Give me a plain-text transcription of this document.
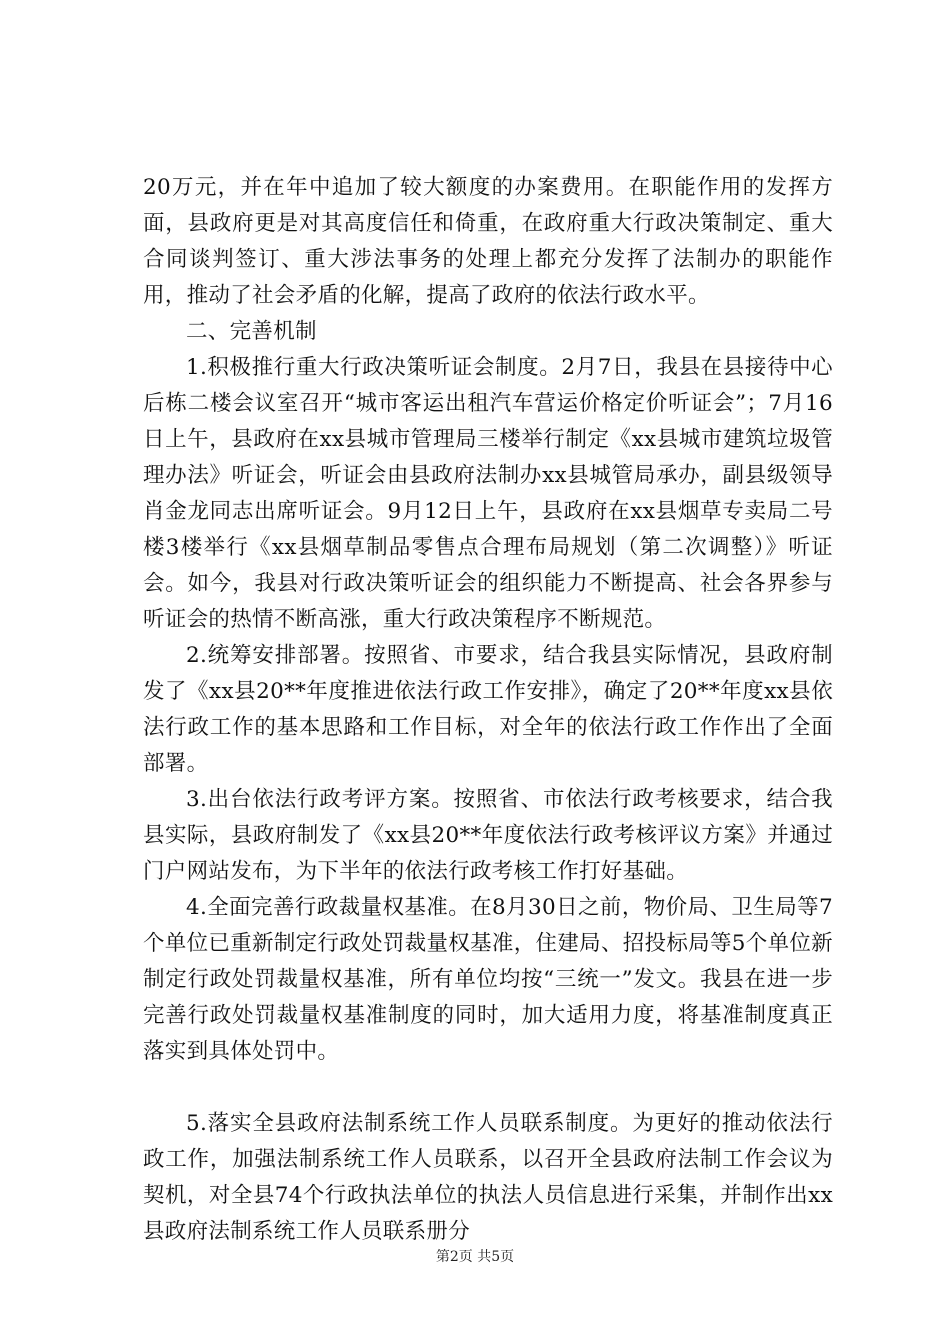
20万元，并在年中追加了较大额度的办案费用。在职能作用的发挥方面，县政府更是对其高度信任和倚重，在政府重大行政决策制定、重大合同谈判签订、重大涉法事务的处理上都充分发挥了法制办的职能作用，推动了社会矛盾的化解，提高了政府的依法行政水平。

二、完善机制

1.积极推行重大行政决策听证会制度。2月7日，我县在县接待中心后栋二楼会议室召开“城市客运出租汽车营运价格定价听证会”；7月16日上午，县政府在xx县城市管理局三楼举行制定《xx县城市建筑垃圾管理办法》听证会，听证会由县政府法制办xx县城管局承办，副县级领导肖金龙同志出席听证会。9月12日上午，县政府在xx县烟草专卖局二号楼3楼举行《xx县烟草制品零售点合理布局规划（第二次调整）》听证会。如今，我县对行政决策听证会的组织能力不断提高、社会各界参与听证会的热情不断高涨，重大行政决策程序不断规范。

2.统筹安排部署。按照省、市要求，结合我县实际情况，县政府制发了《xx县20**年度推进依法行政工作安排》，确定了20**年度xx县依法行政工作的基本思路和工作目标，对全年的依法行政工作作出了全面部署。

3.出台依法行政考评方案。按照省、市依法行政考核要求，结合我县实际，县政府制发了《xx县20**年度依法行政考核评议方案》并通过门户网站发布，为下半年的依法行政考核工作打好基础。

4.全面完善行政裁量权基准。在8月30日之前，物价局、卫生局等7个单位已重新制定行政处罚裁量权基准，住建局、招投标局等5个单位新制定行政处罚裁量权基准，所有单位均按“三统一”发文。我县在进一步完善行政处罚裁量权基准制度的同时，加大适用力度，将基准制度真正落实到具体处罚中。

5.落实全县政府法制系统工作人员联系制度。为更好的推动依法行政工作，加强法制系统工作人员联系，以召开全县政府法制工作会议为契机，对全县74个行政执法单位的执法人员信息进行采集，并制作出xx县政府法制系统工作人员联系册分

第2页 共5页
